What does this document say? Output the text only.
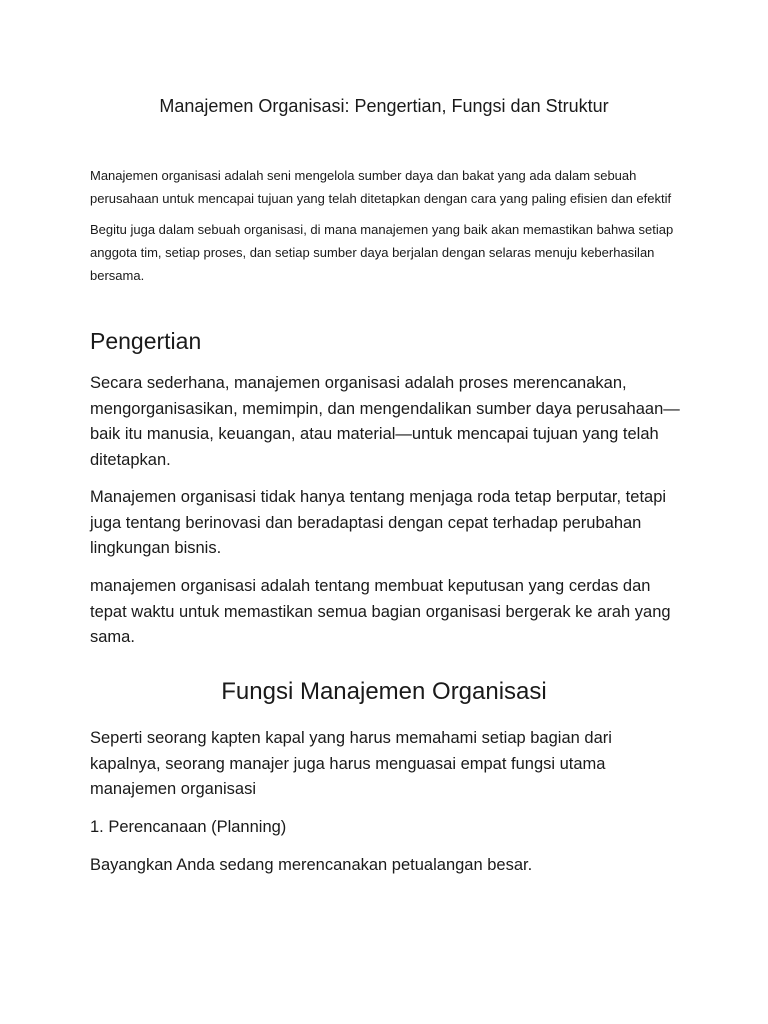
Manajemen Organisasi: Pengertian, Fungsi dan Struktur

Manajemen organisasi adalah seni mengelola sumber daya dan bakat yang ada dalam sebuah perusahaan untuk mencapai tujuan yang telah ditetapkan dengan cara yang paling efisien dan efektif

Begitu juga dalam sebuah organisasi, di mana manajemen yang baik akan memastikan bahwa setiap anggota tim, setiap proses, dan setiap sumber daya berjalan dengan selaras menuju keberhasilan bersama.

Pengertian

Secara sederhana, manajemen organisasi adalah proses merencanakan, mengorganisasikan, memimpin, dan mengendalikan sumber daya perusahaan—baik itu manusia, keuangan, atau material—untuk mencapai tujuan yang telah ditetapkan.

Manajemen organisasi tidak hanya tentang menjaga roda tetap berputar, tetapi juga tentang berinovasi dan beradaptasi dengan cepat terhadap perubahan lingkungan bisnis.

manajemen organisasi adalah tentang membuat keputusan yang cerdas dan tepat waktu untuk memastikan semua bagian organisasi bergerak ke arah yang sama.

Fungsi Manajemen Organisasi

Seperti seorang kapten kapal yang harus memahami setiap bagian dari kapalnya, seorang manajer juga harus menguasai empat fungsi utama manajemen organisasi

1. Perencanaan (Planning)

Bayangkan Anda sedang merencanakan petualangan besar.
